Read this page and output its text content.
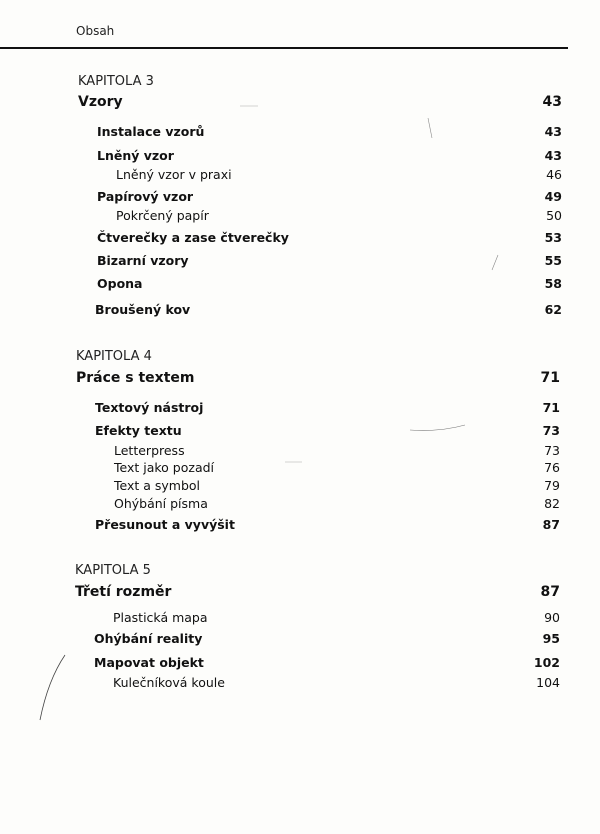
Obsah
KAPITOLA 3
Vzory	43
Instalace vzorů	43
Lněný vzor	43
Lněný vzor v praxi	46
Papírový vzor	49
Pokrčený papír	50
Čtverečky a zase čtverečky	53
Bizarní vzory	55
Opona	58
Broušený kov	62
KAPITOLA 4
Práce s textem	71
Textový nástroj	71
Efekty textu	73
Letterpress	73
Text jako pozadí	76
Text a symbol	79
Ohýbání písma	82
Přesunout a vyvýšit	87
KAPITOLA 5
Třetí rozměr	87
Plastická mapa	90
Ohýbání reality	95
Mapovat objekt	102
Kulečníková koule	104
